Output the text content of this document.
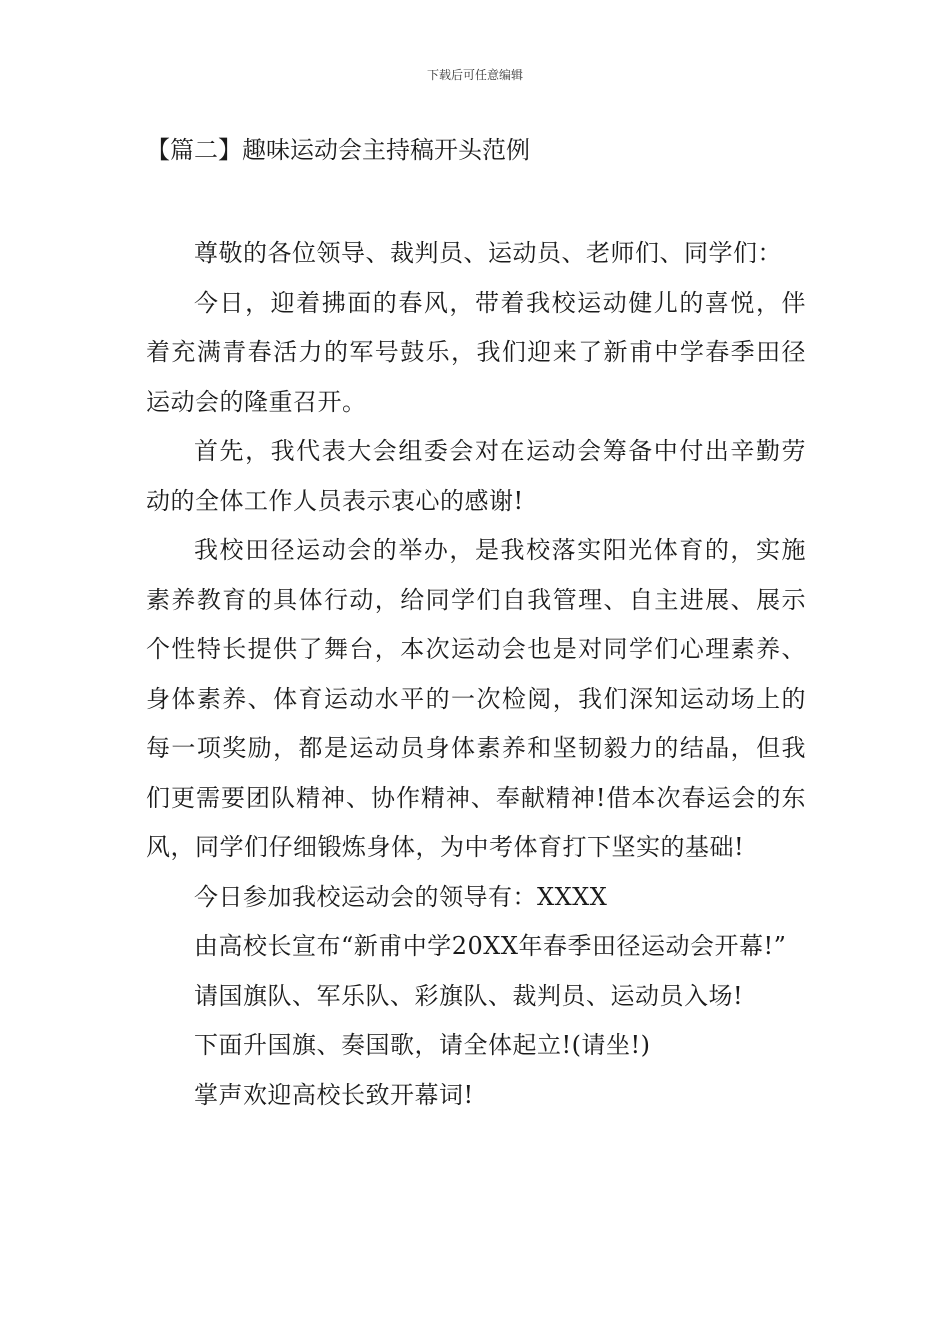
下载后可任意编辑
【篇二】趣味运动会主持稿开头范例

尊敬的各位领导、裁判员、运动员、老师们、同学们：

今日，迎着拂面的春风，带着我校运动健儿的喜悦，伴着充满青春活力的军号鼓乐，我们迎来了新甫中学春季田径运动会的隆重召开。

首先，我代表大会组委会对在运动会筹备中付出辛勤劳动的全体工作人员表示衷心的感谢!

我校田径运动会的举办，是我校落实阳光体育的，实施素养教育的具体行动，给同学们自我管理、自主进展、展示个性特长提供了舞台，本次运动会也是对同学们心理素养、身体素养、体育运动水平的一次检阅，我们深知运动场上的每一项奖励，都是运动员身体素养和坚韧毅力的结晶，但我们更需要团队精神、协作精神、奉献精神!借本次春运会的东风，同学们仔细锻炼身体，为中考体育打下坚实的基础!

今日参加我校运动会的领导有：XXXX

由高校长宣布“新甫中学20XX年春季田径运动会开幕!”

请国旗队、军乐队、彩旗队、裁判员、运动员入场!

下面升国旗、奏国歌，请全体起立!(请坐!)

掌声欢迎高校长致开幕词!
